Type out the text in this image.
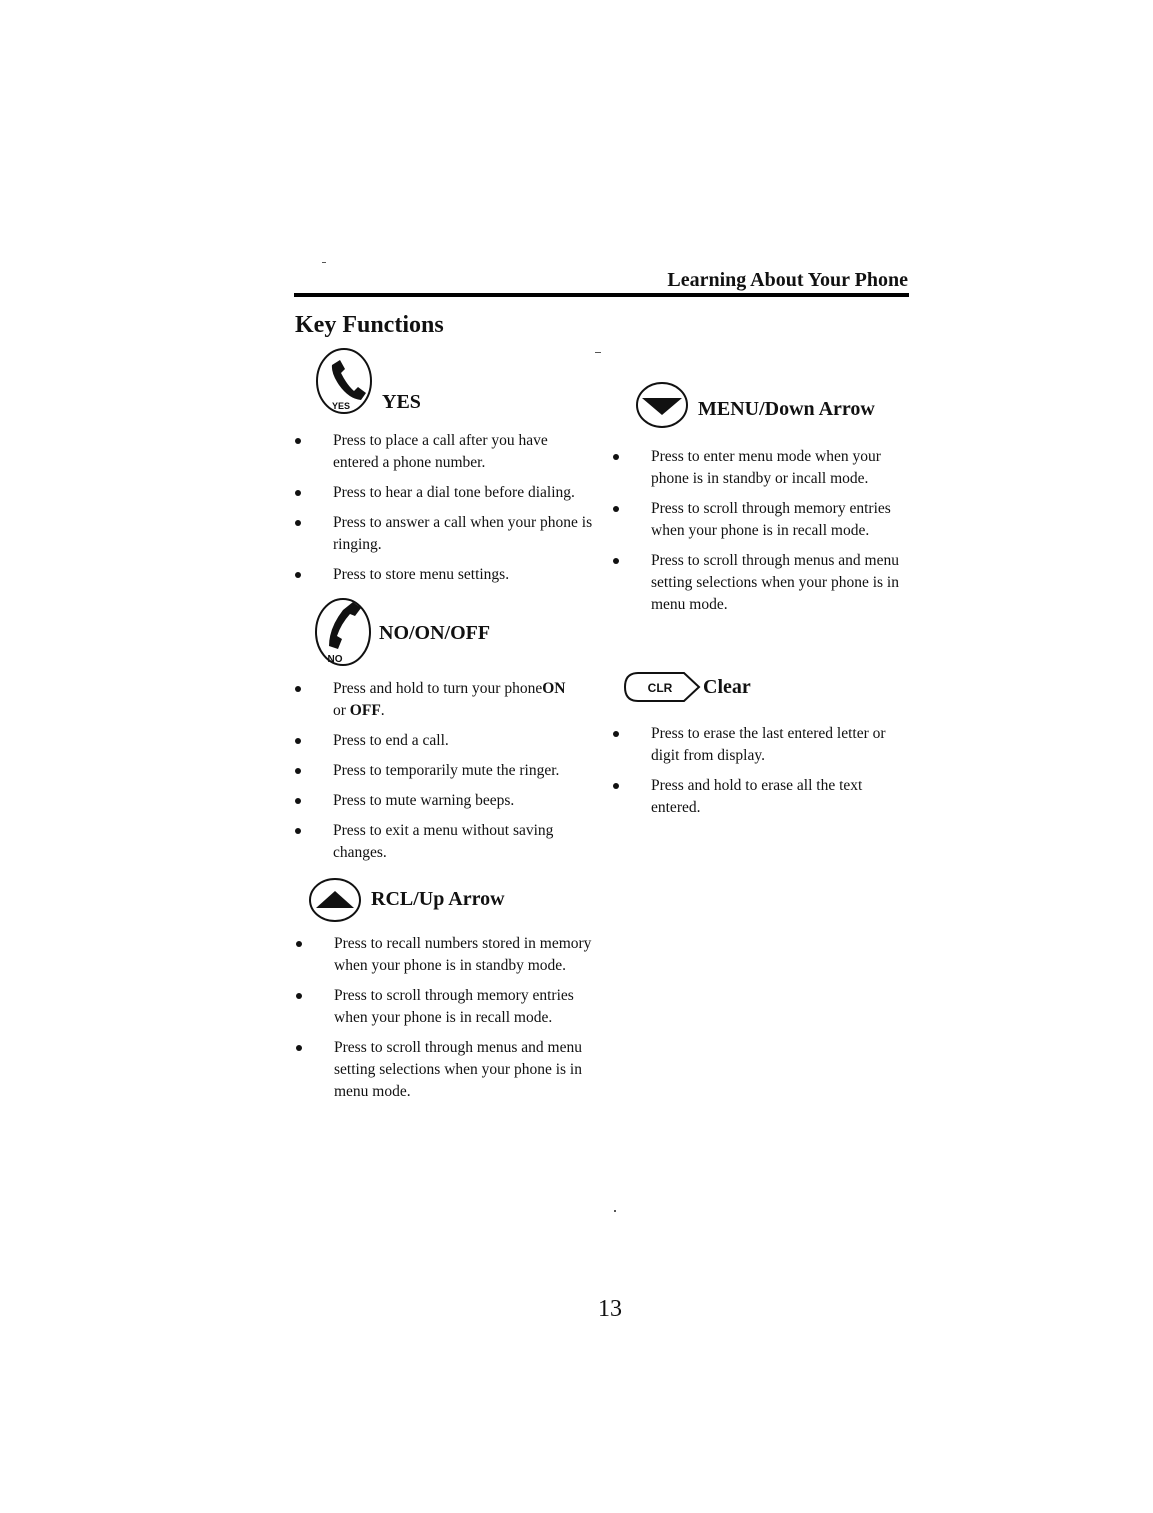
Learning About Your Phone
Key Functions
YES YES
Press to place a call after you have entered a phone number.
Press to hear a dial tone before dialing.
Press to answer a call when your phone is ringing.
Press to store menu settings.
NO
NO/ON/OFF
Press and hold to turn your phoneON
or OFF.
Press to end a call.
Press to temporarily mute the ringer.
Press to mute warning beeps.
Press to exit a menu without saving changes.
RCL/Up Arrow
Press to recall numbers stored in memory when your phone is in standby mode.
Press to scroll through memory entries when your phone is in recall mode.
Press to scroll through menus and menu setting selections when your phone is in menu mode.
MENU/Down Arrow
Press to enter menu mode when your phone is in standby or incall mode.
Press to scroll through memory entries when your phone is in recall mode.
Press to scroll through menus and menu setting selections when your phone is in menu mode.
CLR Clear
Press to erase the last entered letter or digit from display.
Press and hold to erase all the text entered.
13
